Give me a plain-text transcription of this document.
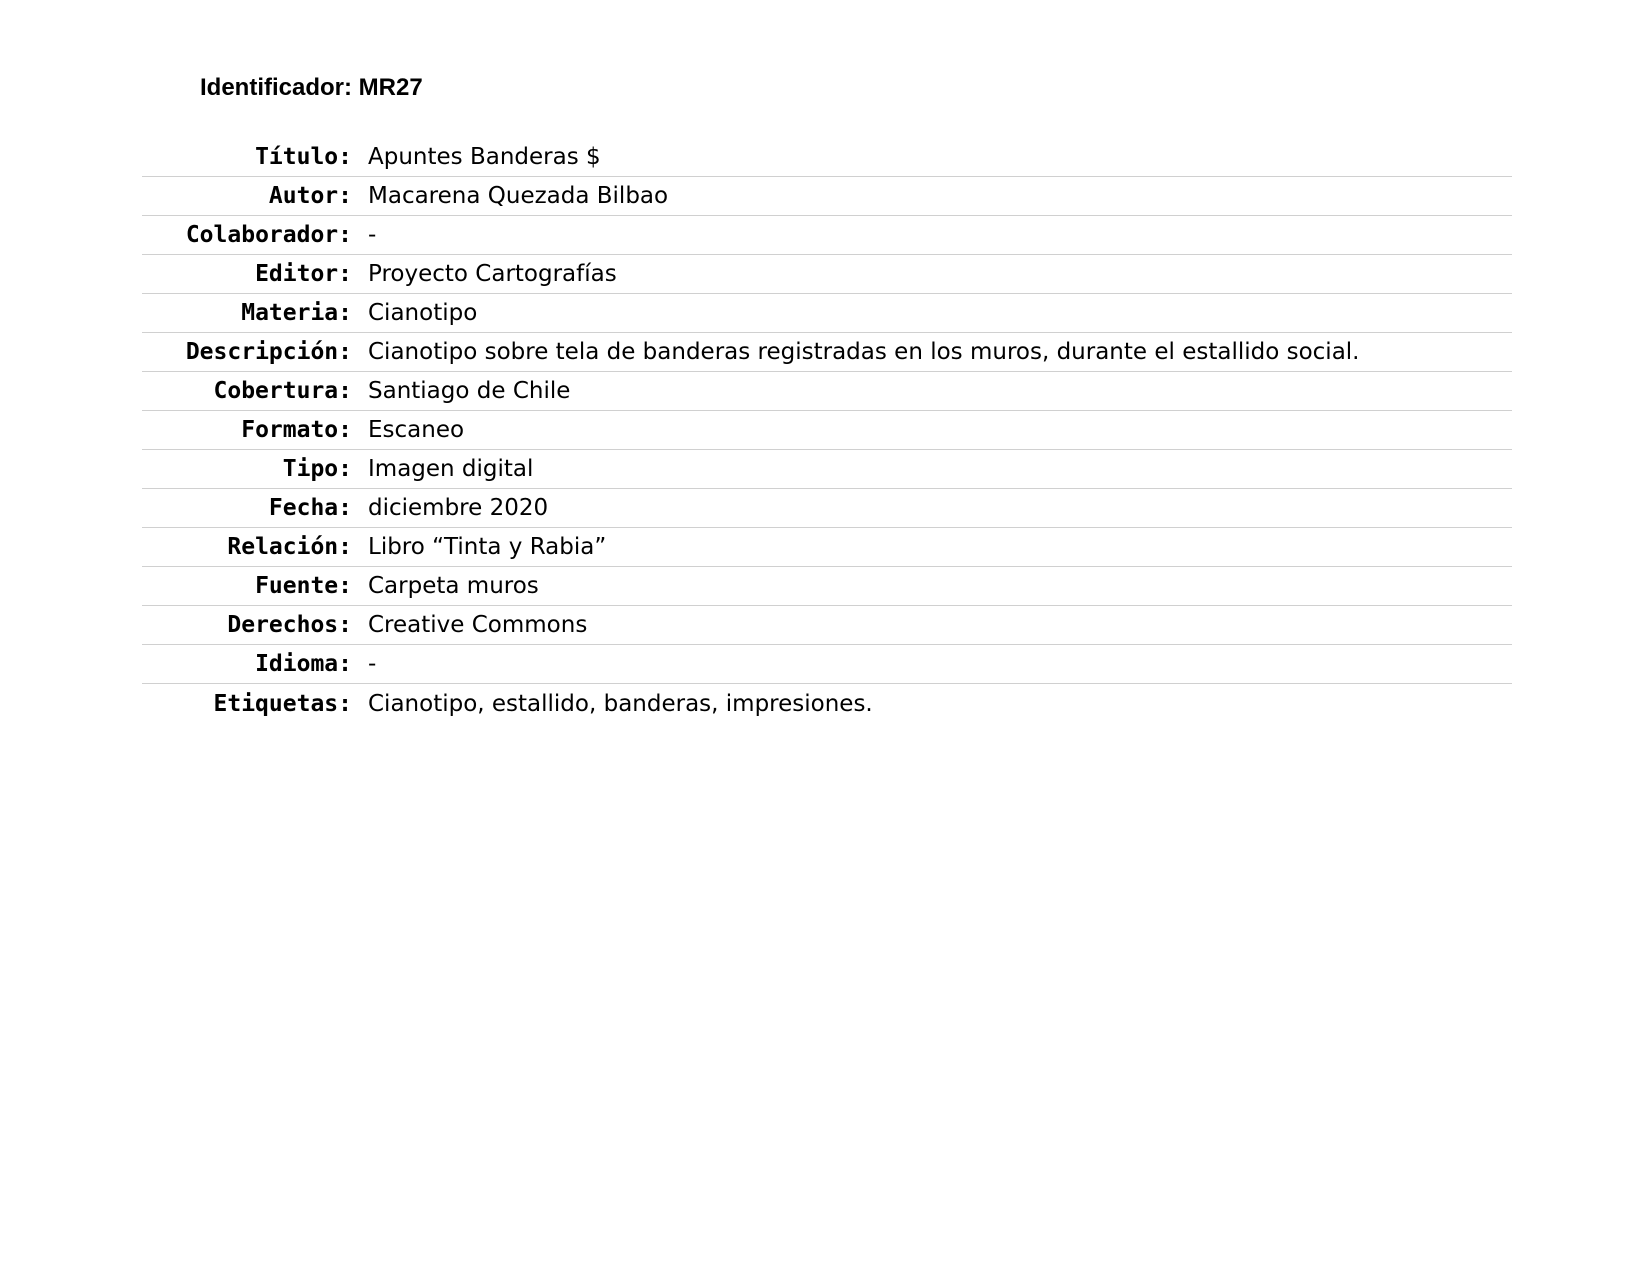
Identificador: MR27
Título: Apuntes Banderas $
Autor: Macarena Quezada Bilbao
Colaborador: -
Editor: Proyecto Cartografías
Materia: Cianotipo
Descripción: Cianotipo sobre tela de banderas registradas en los muros, durante el estallido social.
Cobertura: Santiago de Chile
Formato: Escaneo
Tipo: Imagen digital
Fecha: diciembre 2020
Relación: Libro “Tinta y Rabia”
Fuente: Carpeta muros
Derechos: Creative Commons
Idioma: -
Etiquetas: Cianotipo, estallido, banderas, impresiones.
